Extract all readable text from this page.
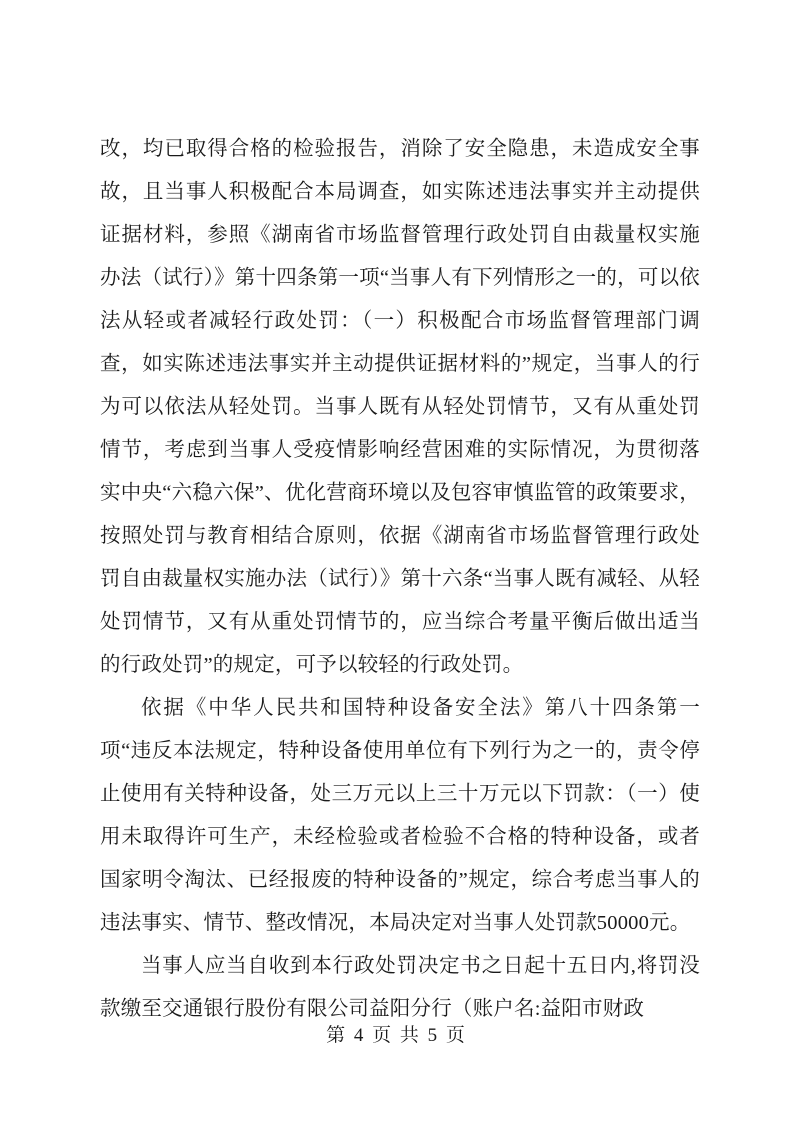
改，均已取得合格的检验报告，消除了安全隐患，未造成安全事故，且当事人积极配合本局调查，如实陈述违法事实并主动提供证据材料，参照《湖南省市场监督管理行政处罚自由裁量权实施办法（试行）》第十四条第一项“当事人有下列情形之一的，可以依法从轻或者减轻行政处罚：（一）积极配合市场监督管理部门调查，如实陈述违法事实并主动提供证据材料的”规定，当事人的行为可以依法从轻处罚。当事人既有从轻处罚情节，又有从重处罚情节，考虑到当事人受疫情影响经营困难的实际情况，为贯彻落实中央“六稳六保”、优化营商环境以及包容审慎监管的政策要求，按照处罚与教育相结合原则，依据《湖南省市场监督管理行政处罚自由裁量权实施办法（试行）》第十六条“当事人既有减轻、从轻处罚情节，又有从重处罚情节的，应当综合考量平衡后做出适当的行政处罚”的规定，可予以较轻的行政处罚。

依据《中华人民共和国特种设备安全法》第八十四条第一项“违反本法规定，特种设备使用单位有下列行为之一的，责令停止使用有关特种设备，处三万元以上三十万元以下罚款：（一）使用未取得许可生产，未经检验或者检验不合格的特种设备，或者国家明令淘汰、已经报废的特种设备的”规定，综合考虑当事人的违法事实、情节、整改情况，本局决定对当事人处罚款50000元。

当事人应当自收到本行政处罚决定书之日起十五日内,将罚没款缴至交通银行股份有限公司益阳分行（账户名:益阳市财政

第 4 页 共 5 页
